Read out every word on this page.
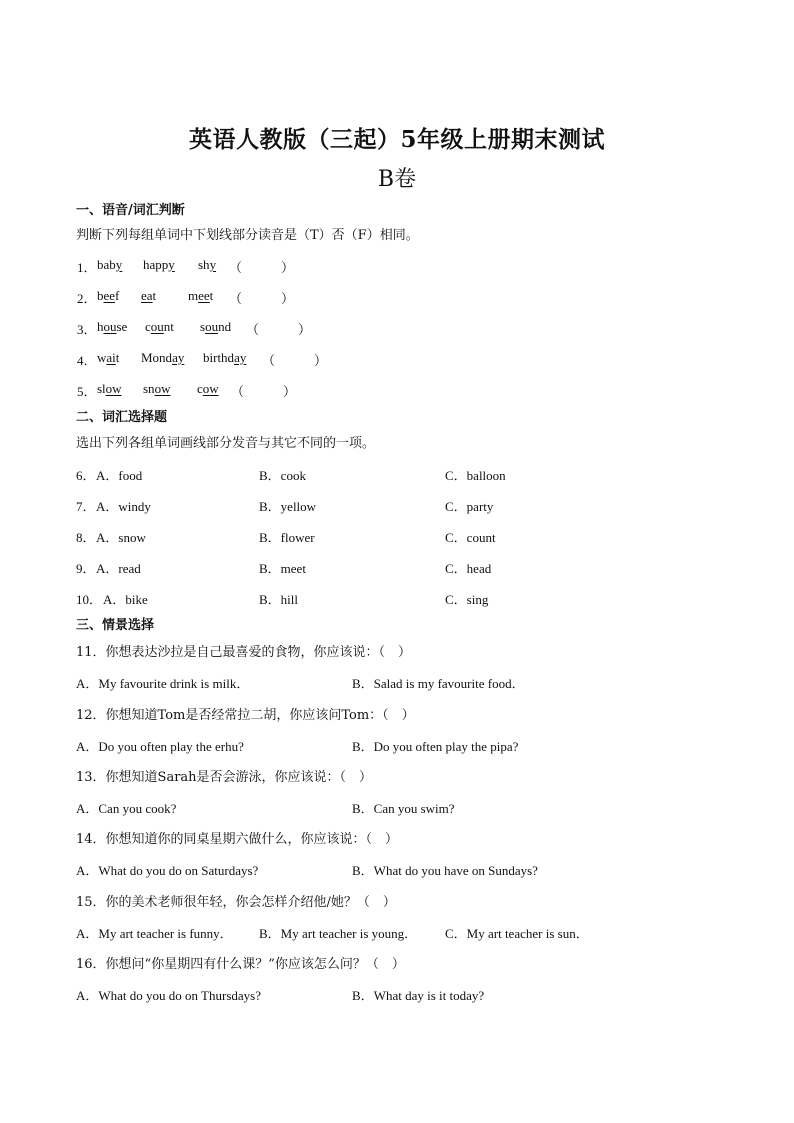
英语人教版（三起）5年级上册期末测试
B卷
一、语音/词汇判断
判断下列每组单词中下划线部分读音是（T）否（F）相同。
1． baby happy shy （　　　）
2． beef eat meet （　　　）
3． house count sound （　　　）
4． wait Monday birthday （　　　）
5． slow snow cow （　　　）
二、词汇选择题
选出下列各组单词画线部分发音与其它不同的一项。
6． A．food	B．cook	C．balloon
7． A．windy	B．yellow	C．party
8． A．snow	B．flower	C．count
9． A．read	B．meet	C．head
10． A．bike	B．hill	C．sing
三、情景选择
11．你想表达沙拉是自己最喜爱的食物，你应该说：（　）
A．My favourite drink is milk．	B．Salad is my favourite food．
12．你想知道Tom是否经常拉二胡，你应该问Tom：（　）
A．Do you often play the erhu?	B．Do you often play the pipa?
13．你想知道Sarah是否会游泳，你应该说：（　）
A．Can you cook?	B．Can you swim?
14．你想知道你的同桌星期六做什么，你应该说：（　）
A．What do you do on Saturdays?	B．What do you have on Sundays?
15．你的美术老师很年轻，你会怎样介绍他/她？（　）
A．My art teacher is funny． B．My art teacher is young． C．My art teacher is sun．
16．你想问“你星期四有什么课？”你应该怎么问？（　）
A．What do you do on Thursdays?	B．What day is it today?
